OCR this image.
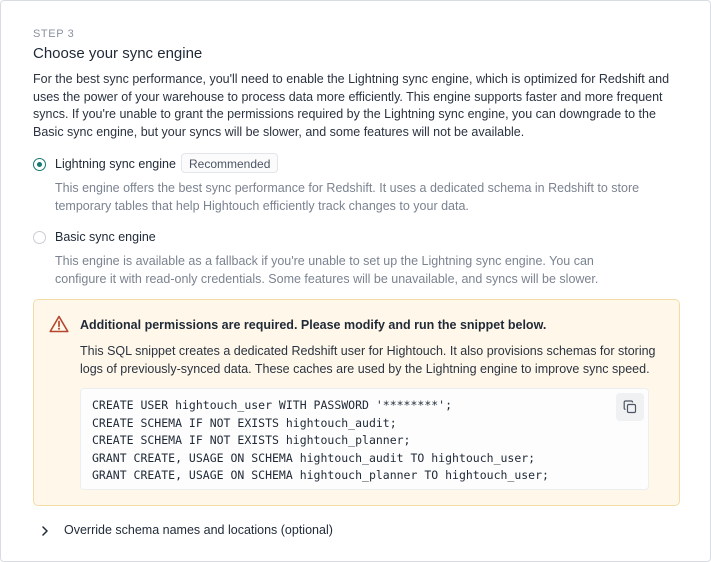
STEP 3
Choose your sync engine
For the best sync performance, you'll need to enable the Lightning sync engine, which is optimized for Redshift and uses the power of your warehouse to process data more efficiently. This engine supports faster and more frequent syncs. If you're unable to grant the permissions required by the Lightning sync engine, you can downgrade to the Basic sync engine, but your syncs will be slower, and some features will not be available.
Lightning sync engine	Recommended
This engine offers the best sync performance for Redshift. It uses a dedicated schema in Redshift to store temporary tables that help Hightouch efficiently track changes to your data.
Basic sync engine
This engine is available as a fallback if you're unable to set up the Lightning sync engine. You can configure it with read-only credentials. Some features will be unavailable, and syncs will be slower.
Additional permissions are required. Please modify and run the snippet below.
This SQL snippet creates a dedicated Redshift user for Hightouch. It also provisions schemas for storing logs of previously-synced data. These caches are used by the Lightning engine to improve sync speed.
CREATE USER hightouch_user WITH PASSWORD '********';
CREATE SCHEMA IF NOT EXISTS hightouch_audit;
CREATE SCHEMA IF NOT EXISTS hightouch_planner;
GRANT CREATE, USAGE ON SCHEMA hightouch_audit TO hightouch_user;
GRANT CREATE, USAGE ON SCHEMA hightouch_planner TO hightouch_user;
Override schema names and locations (optional)
